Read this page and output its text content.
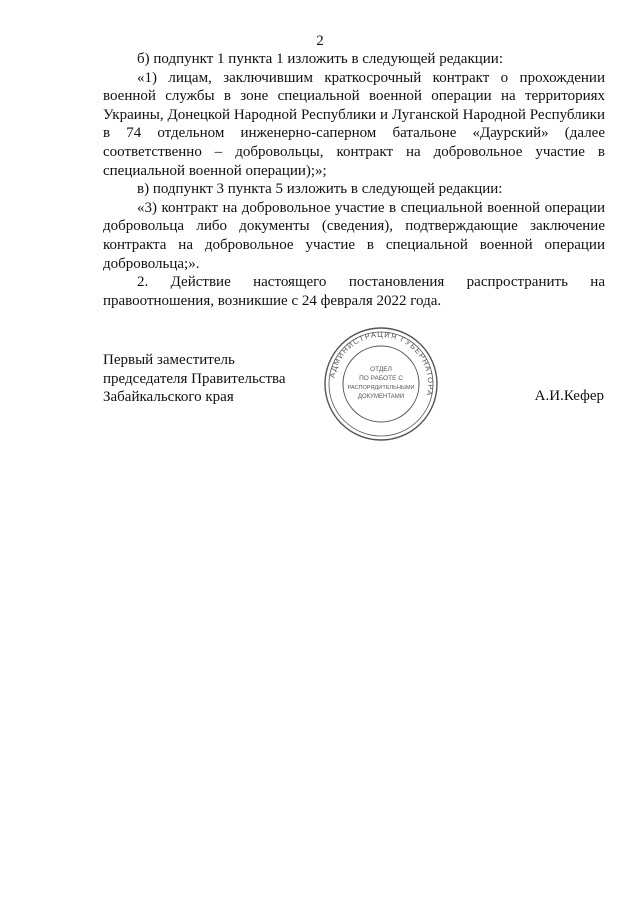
2

б) подпункт 1 пункта 1 изложить в следующей редакции:

«1) лицам, заключившим краткосрочный контракт о прохождении военной службы в зоне специальной военной операции на территориях Украины, Донецкой Народной Республики и Луганской Народной Республики в 74 отдельном инженерно-саперном батальоне «Даурский» (далее соответственно – добровольцы, контракт на добровольное участие в специальной военной операции);»;

в) подпункт 3 пункта 5 изложить в следующей редакции:

«3) контракт на добровольное участие в специальной военной операции добровольца либо документы (сведения), подтверждающие заключение контракта на добровольное участие в специальной военной операции добровольца;».

2. Действие настоящего постановления распространить на правоотношения, возникшие с 24 февраля 2022 года.

Первый заместитель
председателя Правительства
Забайкальского края	А.И.Кефер
АДМИНИСТРАЦИЯ ГУБЕРНАТОРА
ОТДЕЛ
ПО РАБОТЕ С
РАСПОРЯДИТЕЛЬНЫМИ
ДОКУМЕНТАМИ
